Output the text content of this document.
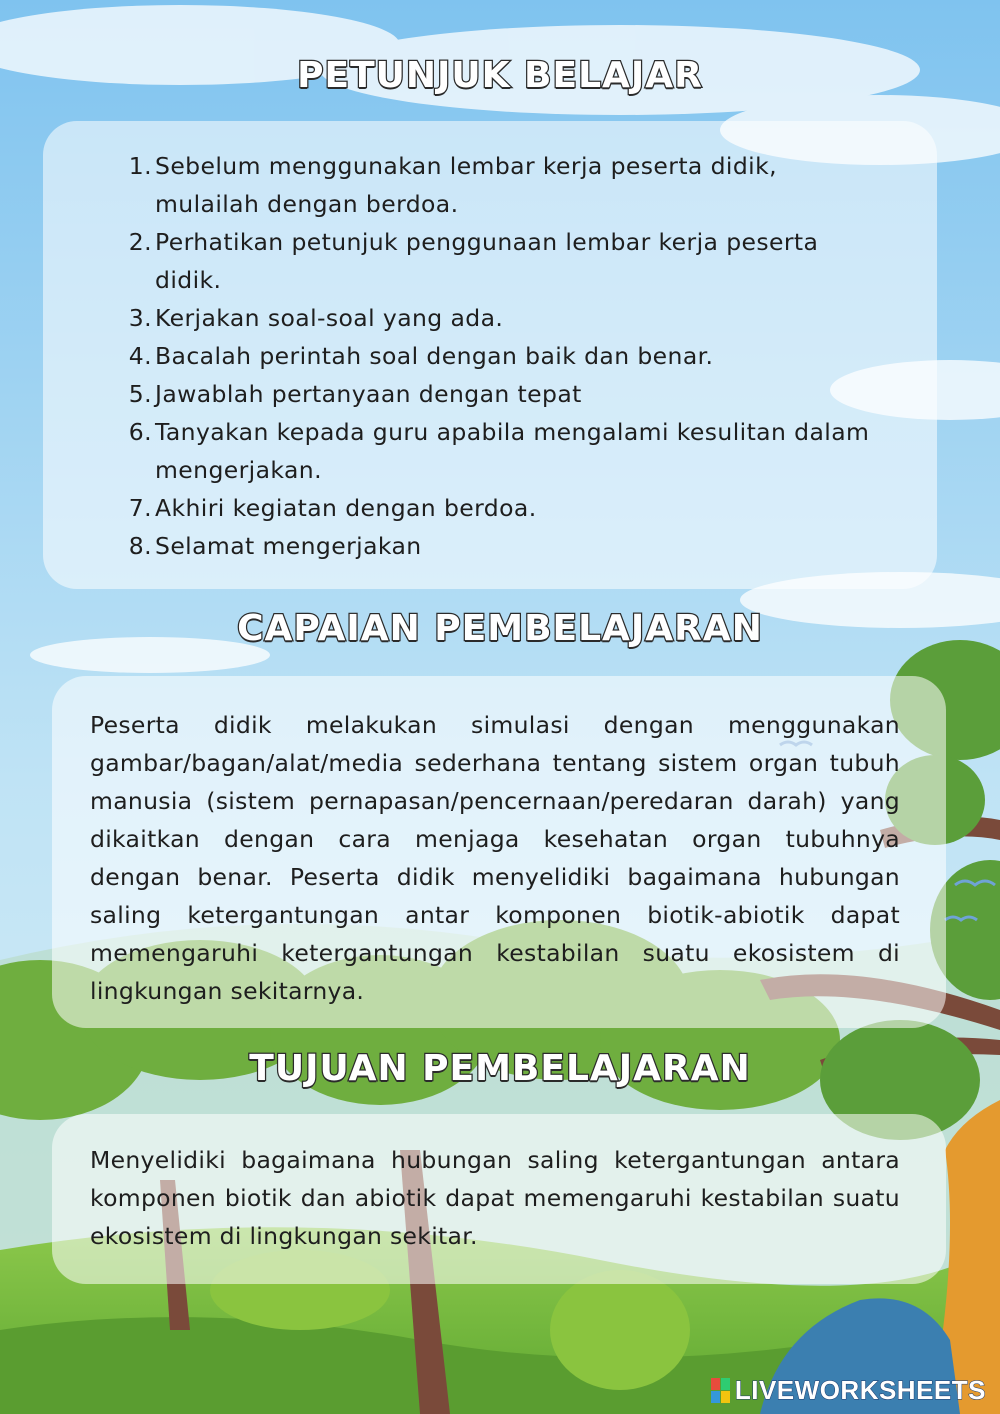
PETUNJUK BELAJAR
1. Sebelum menggunakan lembar kerja peserta didik, mulailah dengan berdoa.
2. Perhatikan petunjuk penggunaan lembar kerja peserta didik.
3. Kerjakan soal-soal yang ada.
4. Bacalah perintah soal dengan baik dan benar.
5. Jawablah pertanyaan dengan tepat
6. Tanyakan kepada guru apabila mengalami kesulitan dalam mengerjakan.
7. Akhiri kegiatan dengan berdoa.
8. Selamat mengerjakan
CAPAIAN PEMBELAJARAN

Peserta didik melakukan simulasi dengan menggunakan gambar/bagan/alat/media sederhana tentang sistem organ tubuh manusia (sistem pernapasan/pencernaan/peredaran darah) yang dikaitkan dengan cara menjaga kesehatan organ tubuhnya dengan benar. Peserta didik menyelidiki bagaimana hubungan saling ketergantungan antar komponen biotik-abiotik dapat memengaruhi ketergantungan kestabilan suatu ekosistem di lingkungan sekitarnya.

TUJUAN PEMBELAJARAN

Menyelidiki bagaimana hubungan saling ketergantungan antara komponen biotik dan abiotik dapat memengaruhi kestabilan suatu ekosistem di lingkungan sekitar.

LIVEWORKSHEETS
